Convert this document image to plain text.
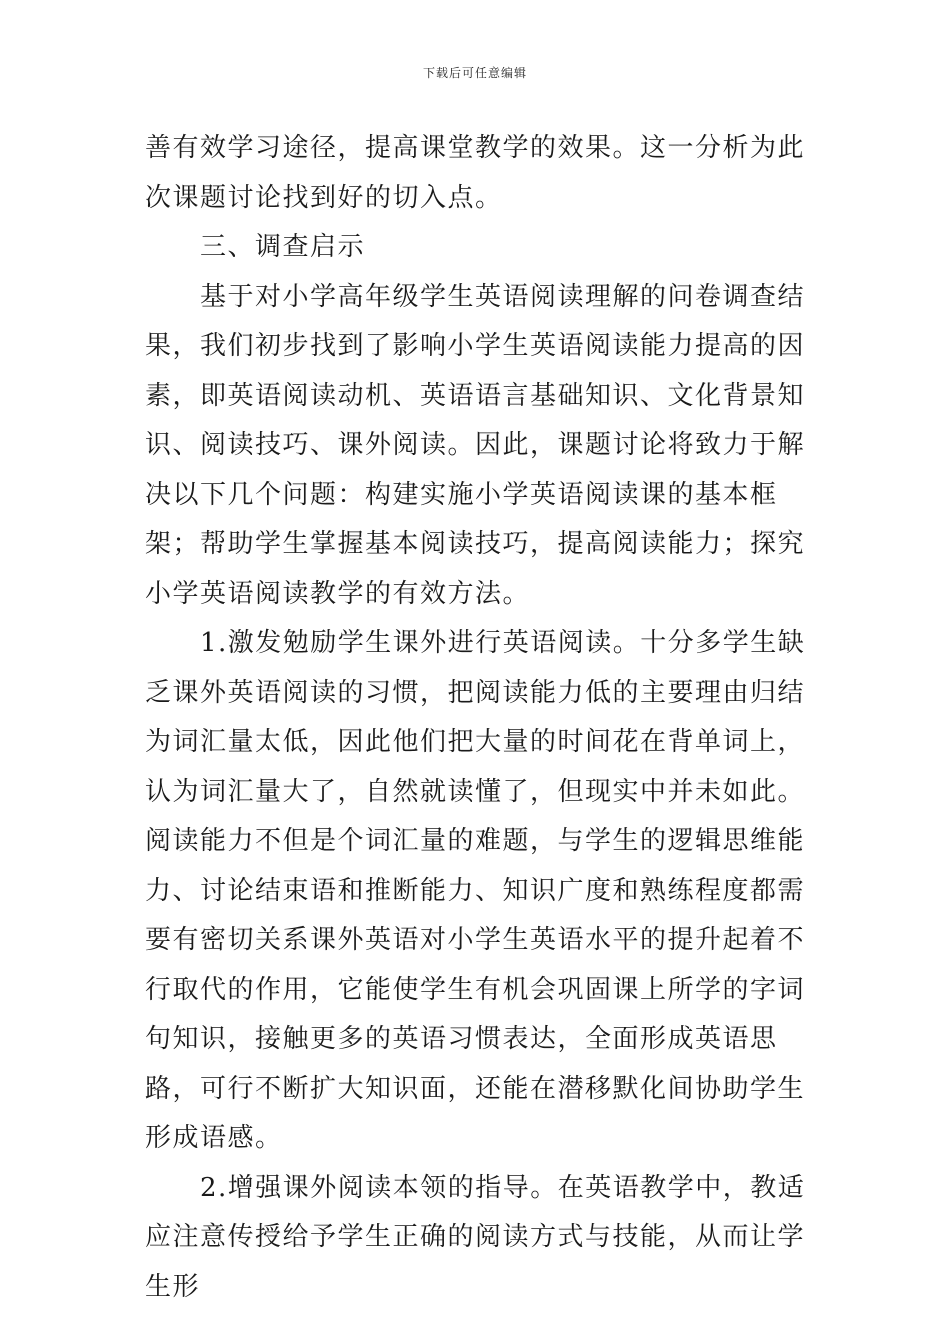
下载后可任意编辑

善有效学习途径，提高课堂教学的效果。这一分析为此次课题讨论找到好的切入点。

三、调查启示

基于对小学高年级学生英语阅读理解的问卷调查结果，我们初步找到了影响小学生英语阅读能力提高的因素，即英语阅读动机、英语语言基础知识、文化背景知识、阅读技巧、课外阅读。因此，课题讨论将致力于解决以下几个问题：构建实施小学英语阅读课的基本框架；帮助学生掌握基本阅读技巧，提高阅读能力；探究小学英语阅读教学的有效方法。

1.激发勉励学生课外进行英语阅读。十分多学生缺乏课外英语阅读的习惯，把阅读能力低的主要理由归结为词汇量太低，因此他们把大量的时间花在背单词上，认为词汇量大了，自然就读懂了，但现实中并未如此。阅读能力不但是个词汇量的难题，与学生的逻辑思维能力、讨论结束语和推断能力、知识广度和熟练程度都需要有密切关系课外英语对小学生英语水平的提升起着不行取代的作用，它能使学生有机会巩固课上所学的字词句知识，接触更多的英语习惯表达，全面形成英语思路，可行不断扩大知识面，还能在潜移默化间协助学生形成语感。

2.增强课外阅读本领的指导。在英语教学中，教适应注意传授给予学生正确的阅读方式与技能，从而让学生形
